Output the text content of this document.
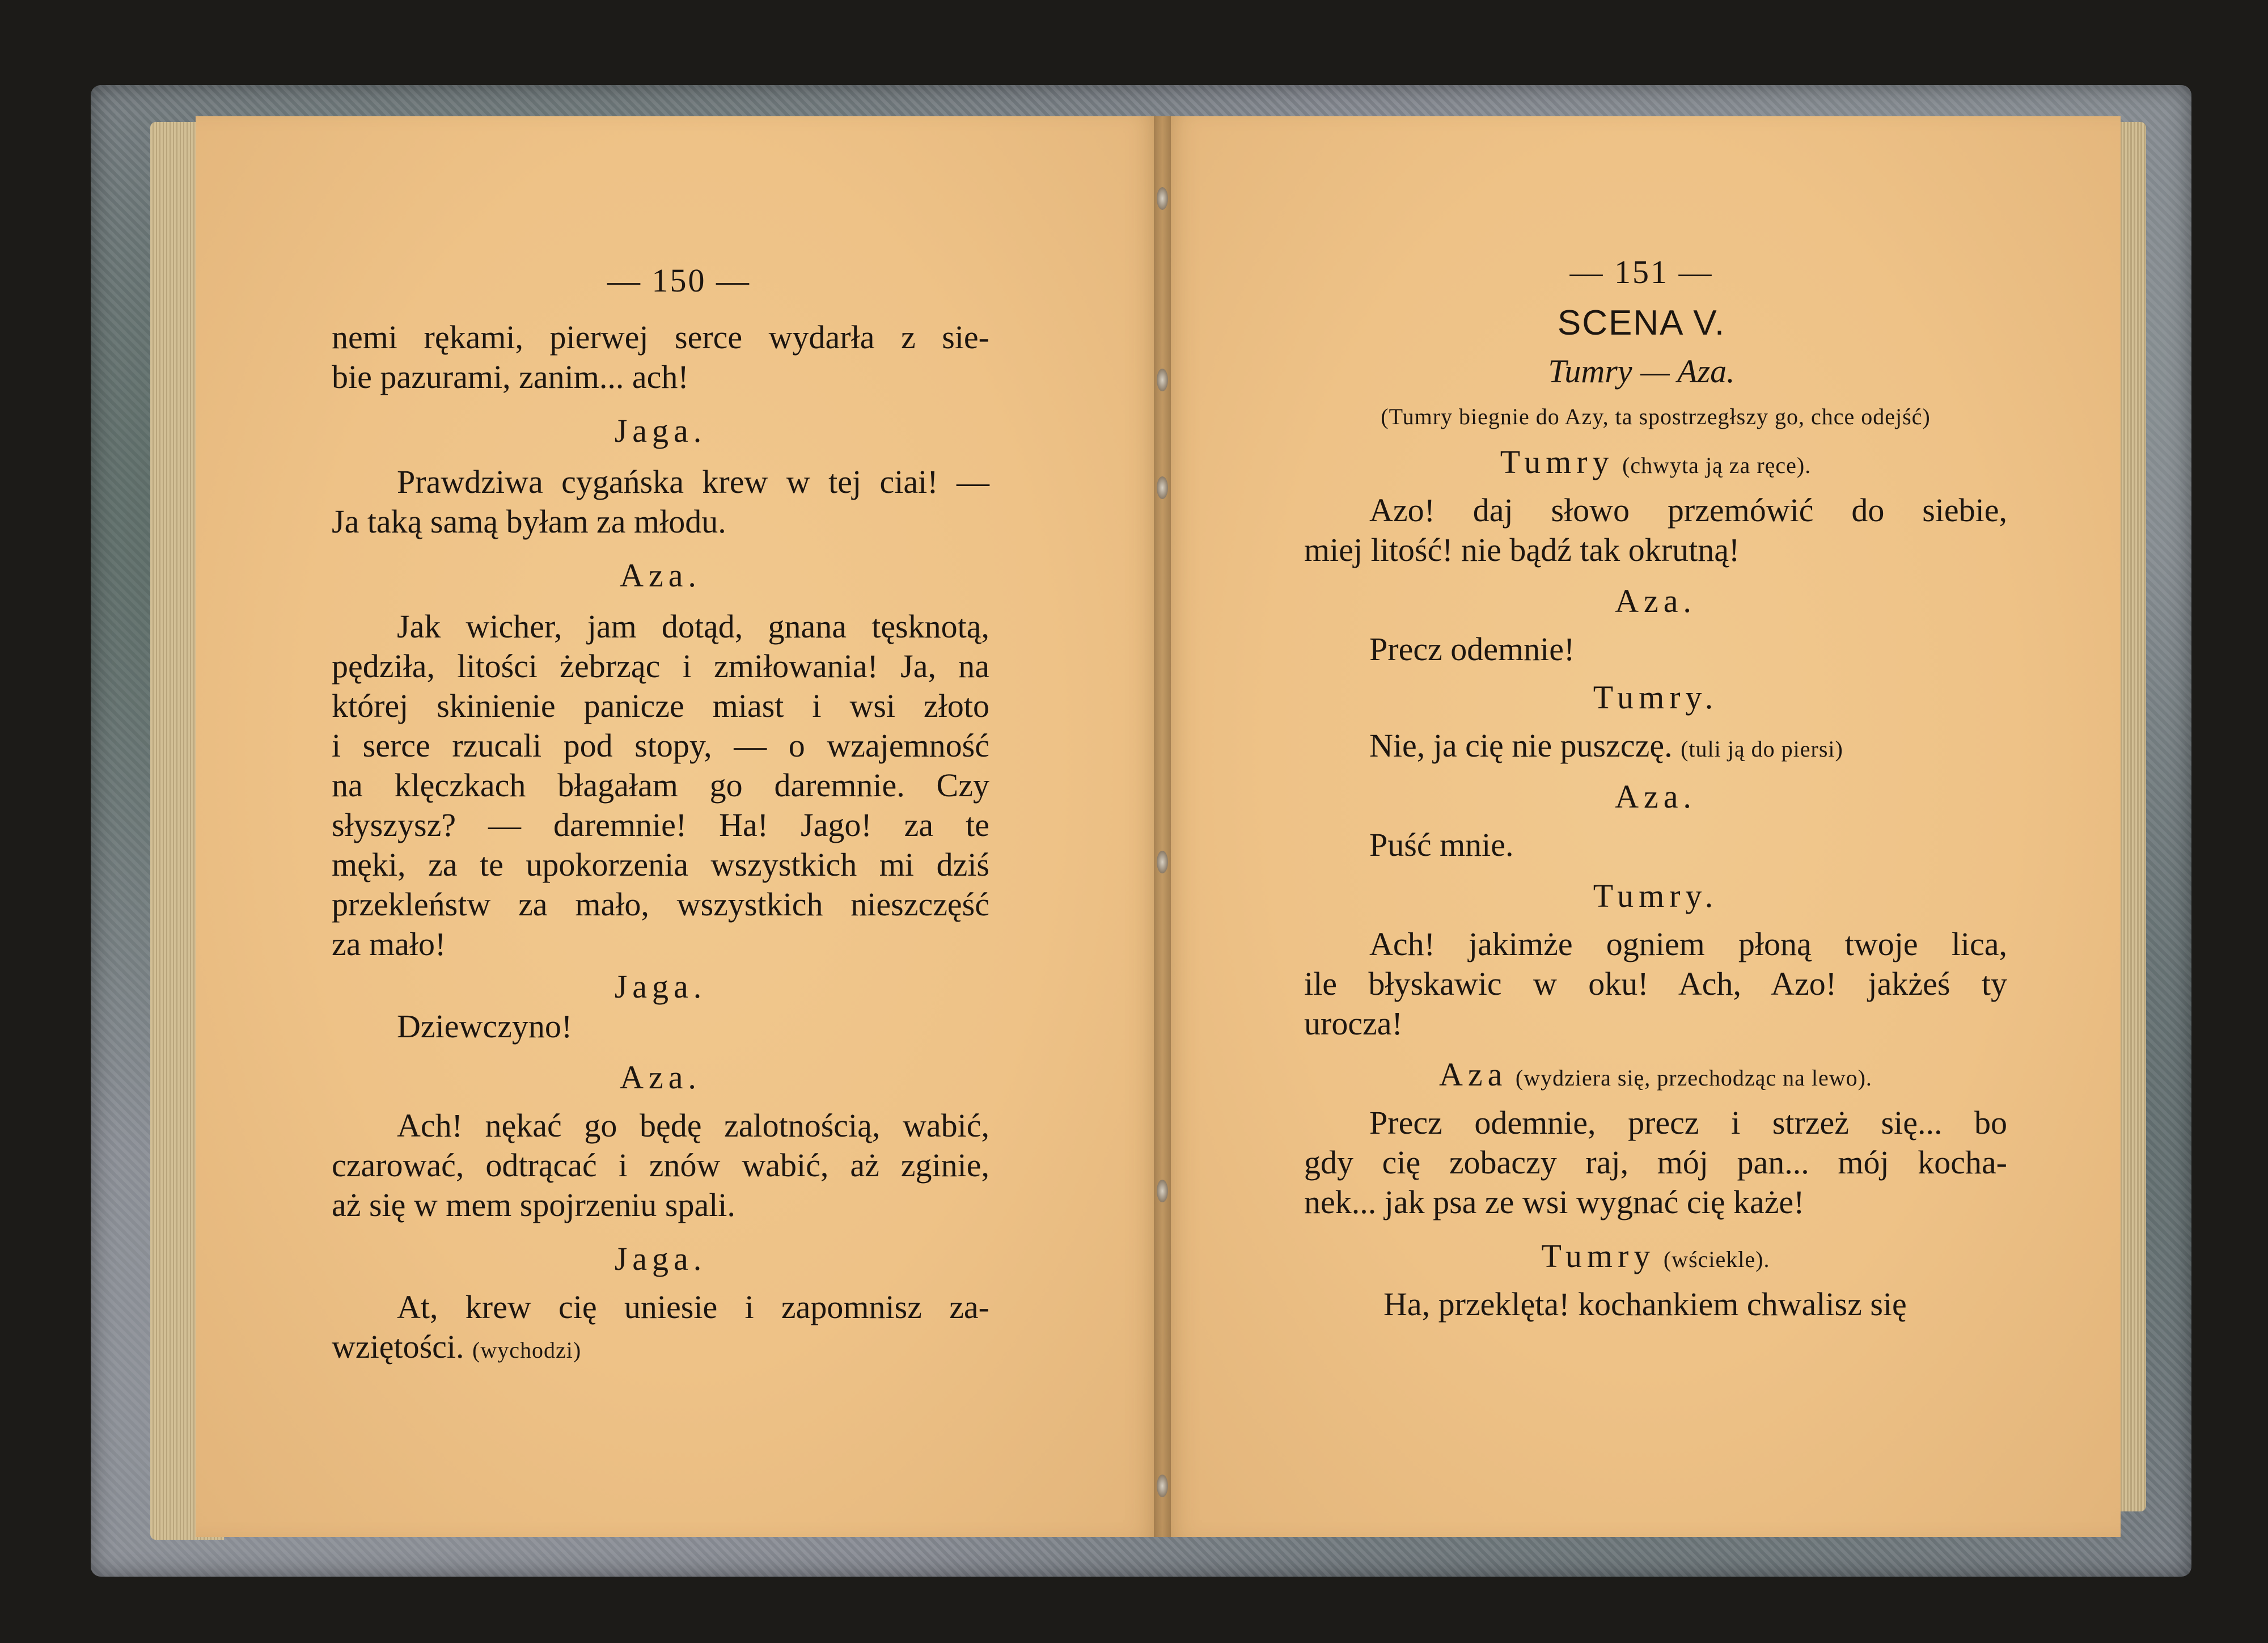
— 150 —
nemi rękami, pierwej serce wydarła z sie-
bie pazurami, zanim... ach!
Jaga.
Prawdziwa cygańska krew w tej ciai! —
Ja taką samą byłam za młodu.
Aza.
Jak wicher, jam dotąd, gnana tęsknotą,
pędziła, litości żebrząc i zmiłowania! Ja, na
której skinienie panicze miast i wsi złoto
i serce rzucali pod stopy, — o wzajemność
na klęczkach błagałam go daremnie. Czy
słyszysz? — daremnie! Ha! Jago! za te
męki, za te upokorzenia wszystkich mi dziś
przekleństw za mało, wszystkich nieszczęść
za mało!
Jaga.
Dziewczyno!
Aza.
Ach! nękać go będę zalotnością, wabić,
czarować, odtrącać i znów wabić, aż zginie,
aż się w mem spojrzeniu spali.
Jaga.
At, krew cię uniesie i zapomnisz za-
wziętości. (wychodzi)
— 151 —
SCENA V.
Tumry — Aza.
(Tumry biegnie do Azy, ta spostrzegłszy go, chce odejść)
Tumry (chwyta ją za ręce).
Azo! daj słowo przemówić do siebie,
miej litość! nie bądź tak okrutną!
Aza.
Precz odemnie!
Tumry.
Nie, ja cię nie puszczę. (tuli ją do piersi)
Aza.
Puść mnie.
Tumry.
Ach! jakimże ogniem płoną twoje lica,
ile błyskawic w oku! Ach, Azo! jakżeś ty
urocza!
Aza (wydziera się, przechodząc na lewo).
Precz odemnie, precz i strzeż się... bo
gdy cię zobaczy raj, mój pan... mój kocha-
nek... jak psa ze wsi wygnać cię każe!
Tumry (wściekle).
Ha, przeklęta! kochankiem chwalisz się
